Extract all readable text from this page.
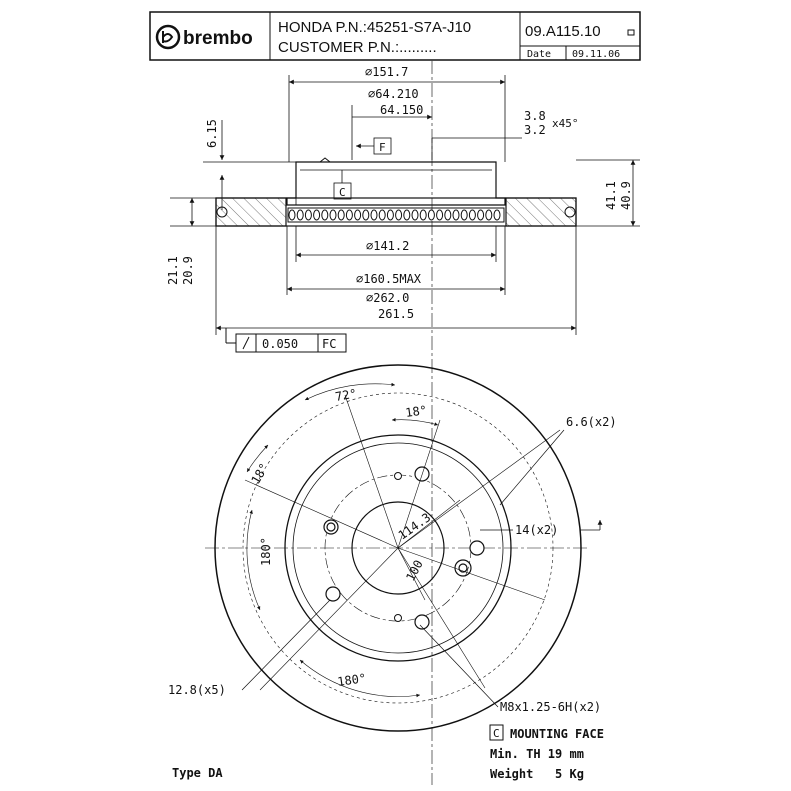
brembo
HONDA P.N.:45251-S7A-J10
CUSTOMER P.N.:.........
09.A115.10
Date 09.11.06
⌀151.7
⌀64.210
64.150
6.15	F
3.8
3.2 x45°
C	41.1 40.9
21.1 20.9
⌀141.2
⌀160.5MAX
⌀262.0
261.5
0.050 FC
72°
18°
18°
180°
180°
114.3
100
6.6(x2)
14(x2)
12.8(x5)
M8x1.25-6H(x2)
C MOUNTING FACE
Min. TH 19 mm
Weight   5 Kg
Type DA
